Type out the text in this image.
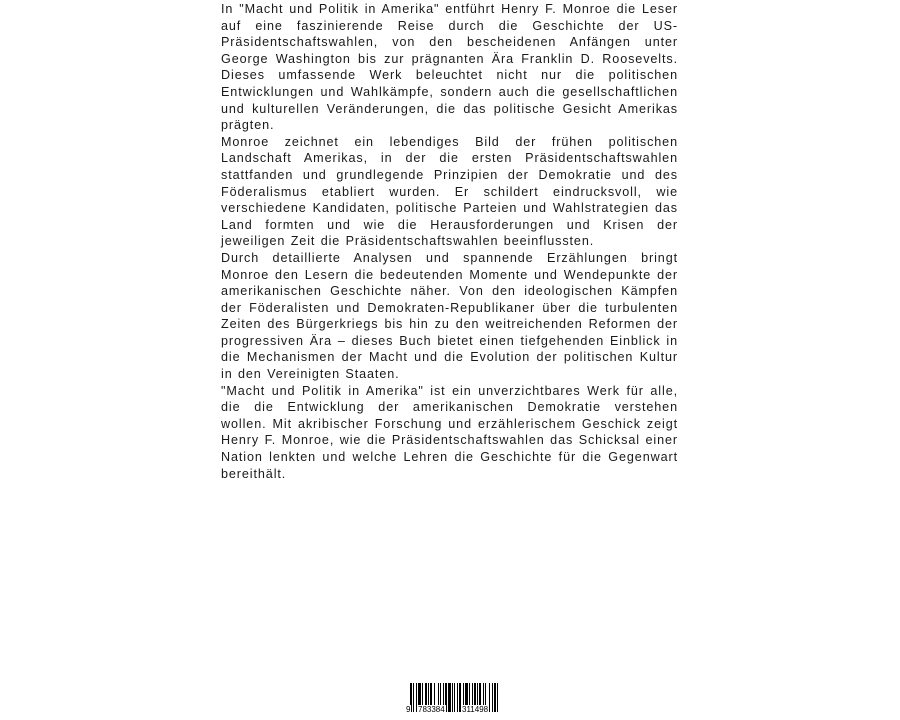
In "Macht und Politik in Amerika" entführt Henry F. Monroe die Leser auf eine faszinierende Reise durch die Geschichte der US-Präsidentschaftswahlen, von den bescheidenen Anfängen unter George Washington bis zur prägnanten Ära Franklin D. Roosevelts. Dieses umfassende Werk beleuchtet nicht nur die politischen Entwicklungen und Wahlkämpfe, sondern auch die gesellschaftlichen und kulturellen Veränderungen, die das politische Gesicht Amerikas prägten.

Monroe zeichnet ein lebendiges Bild der frühen politischen Landschaft Amerikas, in der die ersten Präsidentschaftswahlen stattfanden und grundlegende Prinzipien der Demokratie und des Föderalismus etabliert wurden. Er schildert eindrucksvoll, wie verschiedene Kandidaten, politische Parteien und Wahlstrategien das Land formten und wie die Herausforderungen und Krisen der jeweiligen Zeit die Präsidentschaftswahlen beeinflussten.

Durch detaillierte Analysen und spannende Erzählungen bringt Monroe den Lesern die bedeutenden Momente und Wendepunkte der amerikanischen Geschichte näher. Von den ideologischen Kämpfen der Föderalisten und Demokraten-Republikaner über die turbulenten Zeiten des Bürgerkriegs bis hin zu den weitreichenden Reformen der progressiven Ära – dieses Buch bietet einen tiefgehenden Einblick in die Mechanismen der Macht und die Evolution der politischen Kultur in den Vereinigten Staaten.

"Macht und Politik in Amerika" ist ein unverzichtbares Werk für alle, die die Entwicklung der amerikanischen Demokratie verstehen wollen. Mit akribischer Forschung und erzählerischem Geschick zeigt Henry F. Monroe, wie die Präsidentschaftswahlen das Schicksal einer Nation lenkten und welche Lehren die Geschichte für die Gegenwart bereithält.

9 783384 311498
